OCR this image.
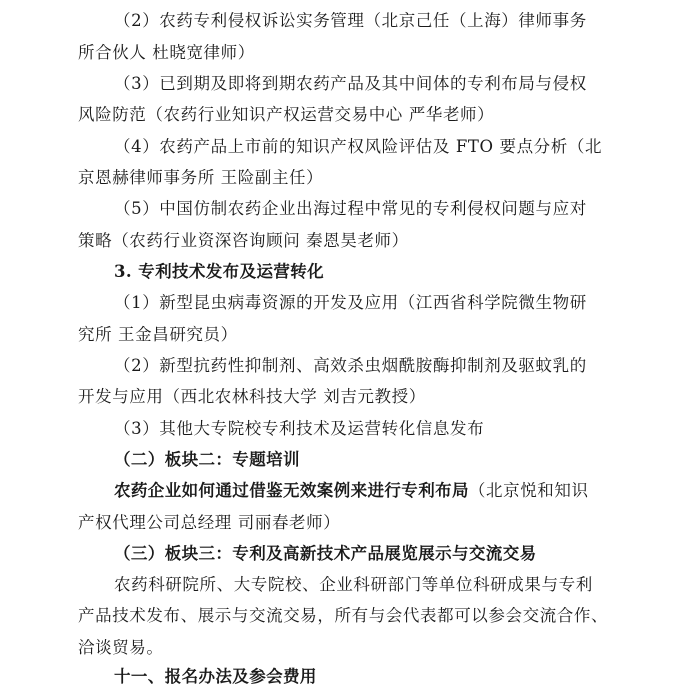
（2）农药专利侵权诉讼实务管理（北京己任（上海）律师事务
所合伙人 杜晓宽律师）
（3）已到期及即将到期农药产品及其中间体的专利布局与侵权
风险防范（农药行业知识产权运营交易中心 严华老师）
（4）农药产品上市前的知识产权风险评估及 FTO 要点分析（北
京恩赫律师事务所 王险副主任）
（5）中国仿制农药企业出海过程中常见的专利侵权问题与应对
策略（农药行业资深咨询顾问 秦恩昊老师）
3. 专利技术发布及运营转化
（1）新型昆虫病毒资源的开发及应用（江西省科学院微生物研
究所 王金昌研究员）
（2）新型抗药性抑制剂、高效杀虫烟酰胺酶抑制剂及驱蚊乳的
开发与应用（西北农林科技大学 刘吉元教授）
（3）其他大专院校专利技术及运营转化信息发布
（二）板块二：专题培训
农药企业如何通过借鉴无效案例来进行专利布局（北京悦和知识
产权代理公司总经理 司丽春老师）
（三）板块三：专利及高新技术产品展览展示与交流交易
农药科研院所、大专院校、企业科研部门等单位科研成果与专利
产品技术发布、展示与交流交易，所有与会代表都可以参会交流合作、
洽谈贸易。
十一、报名办法及参会费用
